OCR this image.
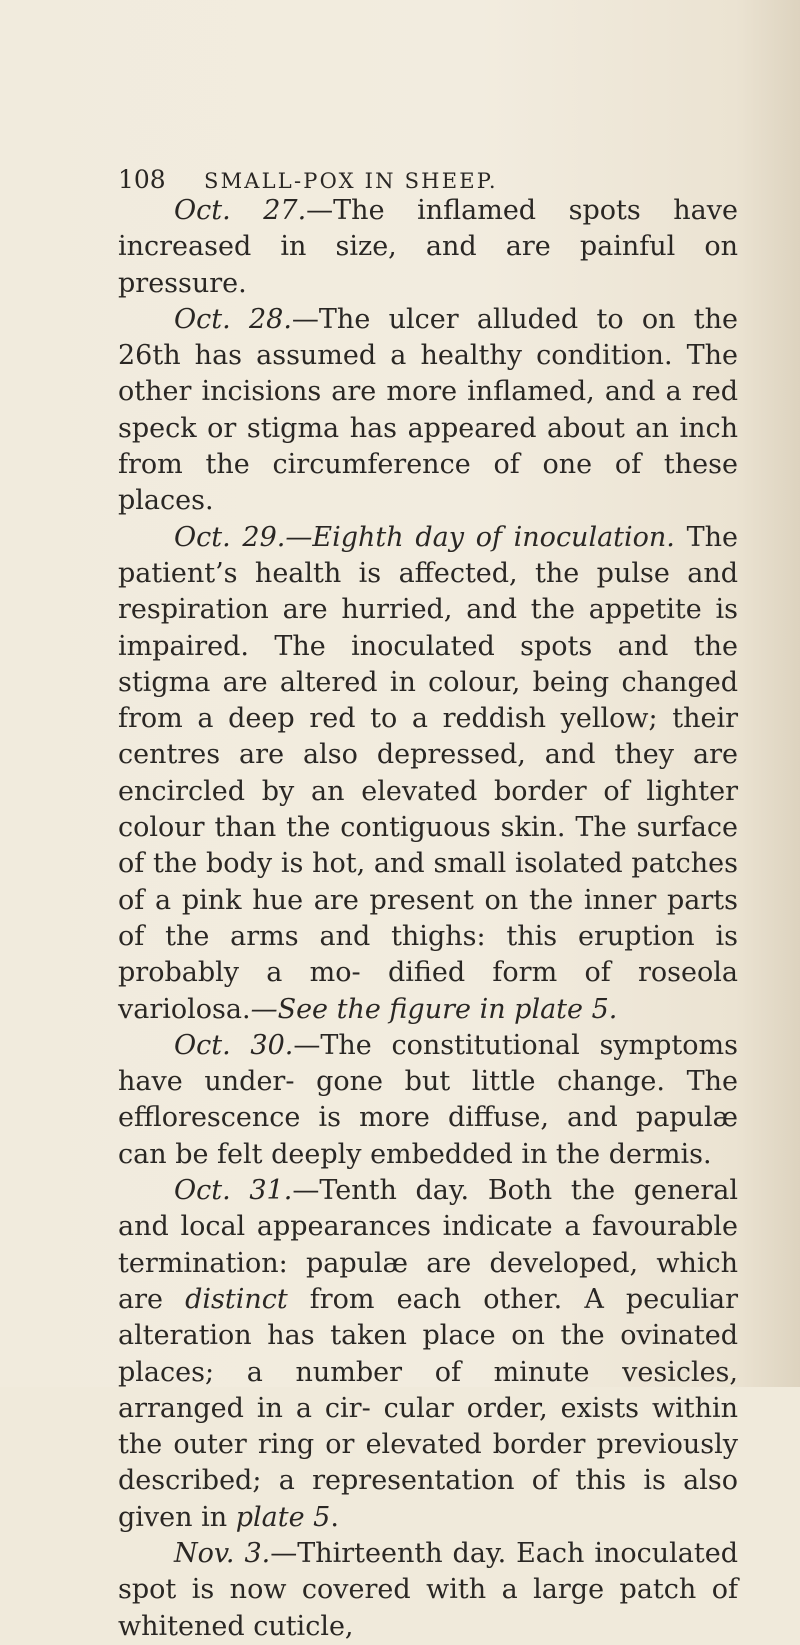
108 SMALL-POX IN SHEEP.

Oct. 27.—The inflamed spots have increased in size, and are painful on pressure.

Oct. 28.—The ulcer alluded to on the 26th has assumed a healthy condition. The other incisions are more inflamed, and a red speck or stigma has appeared about an inch from the circumference of one of these places.

Oct. 29.—Eighth day of inoculation. The patient’s health is affected, the pulse and respiration are hurried, and the appetite is impaired. The inoculated spots and the stigma are altered in colour, being changed from a deep red to a reddish yellow; their centres are also depressed, and they are encircled by an elevated border of lighter colour than the contiguous skin. The surface of the body is hot, and small isolated patches of a pink hue are present on the inner parts of the arms and thighs: this eruption is probably a mo- dified form of roseola variolosa.—See the figure in plate 5.

Oct. 30.—The constitutional symptoms have under- gone but little change. The efflorescence is more diffuse, and papulæ can be felt deeply embedded in the dermis.

Oct. 31.—Tenth day. Both the general and local appearances indicate a favourable termination: papulæ are developed, which are distinct from each other. A peculiar alteration has taken place on the ovinated places; a number of minute vesicles, arranged in a cir- cular order, exists within the outer ring or elevated border previously described; a representation of this is also given in plate 5.

Nov. 3.—Thirteenth day. Each inoculated spot is now covered with a large patch of whitened cuticle,
